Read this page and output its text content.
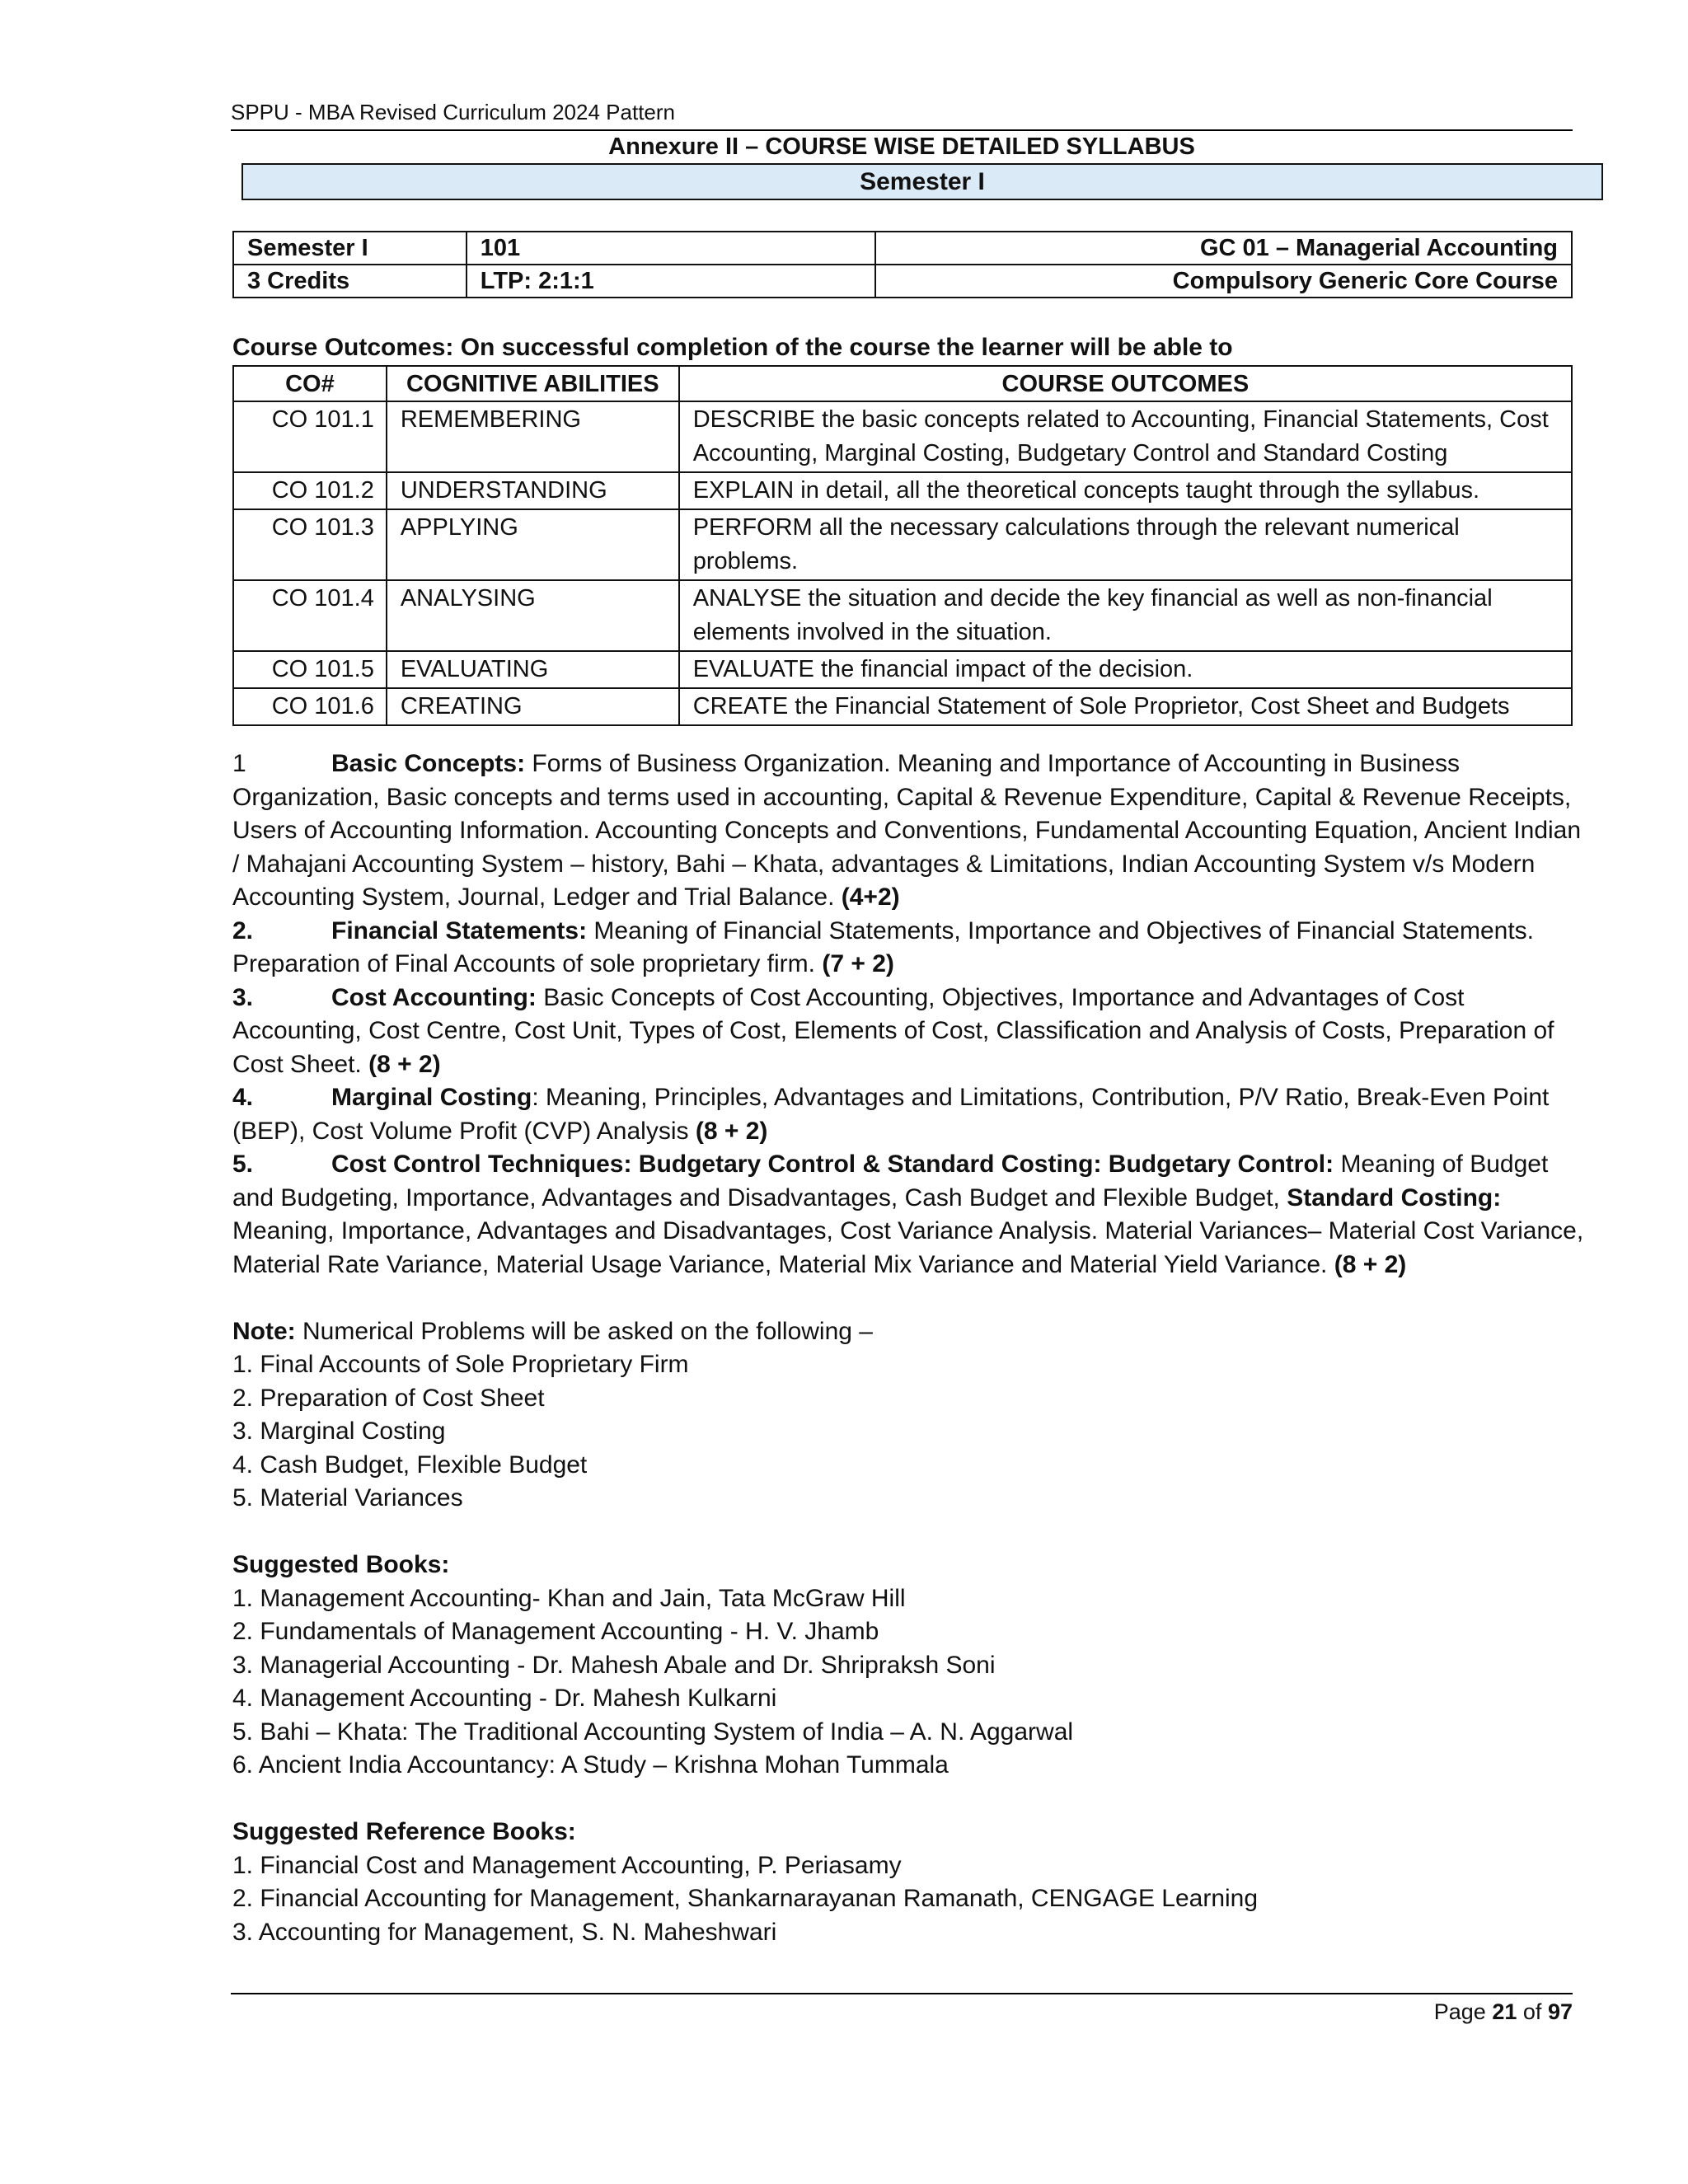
SPPU - MBA Revised Curriculum 2024 Pattern
Annexure II – COURSE WISE DETAILED SYLLABUS
Semester I
Semester I	101	GC 01 – Managerial Accounting
3 Credits	LTP: 2:1:1	Compulsory Generic Core Course
Course Outcomes: On successful completion of the course the learner will be able to
CO#	COGNITIVE ABILITIES	COURSE OUTCOMES
CO 101.1	REMEMBERING	DESCRIBE the basic concepts related to Accounting, Financial Statements, Cost Accounting, Marginal Costing, Budgetary Control and Standard Costing
CO 101.2	UNDERSTANDING	EXPLAIN in detail, all the theoretical concepts taught through the syllabus.
CO 101.3	APPLYING	PERFORM all the necessary calculations through the relevant numerical problems.
CO 101.4	ANALYSING	ANALYSE the situation and decide the key financial as well as non-financial elements involved in the situation.
CO 101.5	EVALUATING	EVALUATE the financial impact of the decision.
CO 101.6	CREATING	CREATE the Financial Statement of Sole Proprietor, Cost Sheet and Budgets

1	Basic Concepts: Forms of Business Organization. Meaning and Importance of Accounting in Business Organization, Basic concepts and terms used in accounting, Capital & Revenue Expenditure, Capital & Revenue Receipts, Users of Accounting Information. Accounting Concepts and Conventions, Fundamental Accounting Equation, Ancient Indian / Mahajani Accounting System – history, Bahi – Khata, advantages & Limitations, Indian Accounting System v/s Modern Accounting System, Journal, Ledger and Trial Balance. (4+2)

2.	Financial Statements: Meaning of Financial Statements, Importance and Objectives of Financial Statements. Preparation of Final Accounts of sole proprietary firm. (7 + 2)

3.	Cost Accounting: Basic Concepts of Cost Accounting, Objectives, Importance and Advantages of Cost Accounting, Cost Centre, Cost Unit, Types of Cost, Elements of Cost, Classification and Analysis of Costs, Preparation of Cost Sheet. (8 + 2)

4.	Marginal Costing: Meaning, Principles, Advantages and Limitations, Contribution, P/V Ratio, Break-Even Point (BEP), Cost Volume Profit (CVP) Analysis (8 + 2)

5.	Cost Control Techniques: Budgetary Control & Standard Costing: Budgetary Control: Meaning of Budget and Budgeting, Importance, Advantages and Disadvantages, Cash Budget and Flexible Budget, Standard Costing: Meaning, Importance, Advantages and Disadvantages, Cost Variance Analysis. Material Variances– Material Cost Variance, Material Rate Variance, Material Usage Variance, Material Mix Variance and Material Yield Variance. (8 + 2)

Note: Numerical Problems will be asked on the following –

1. Final Accounts of Sole Proprietary Firm

2. Preparation of Cost Sheet

3. Marginal Costing

4. Cash Budget, Flexible Budget

5. Material Variances

Suggested Books:

1. Management Accounting- Khan and Jain, Tata McGraw Hill

2. Fundamentals of Management Accounting - H. V. Jhamb

3. Managerial Accounting - Dr. Mahesh Abale and Dr. Shripraksh Soni

4. Management Accounting - Dr. Mahesh Kulkarni

5. Bahi – Khata: The Traditional Accounting System of India – A. N. Aggarwal

6. Ancient India Accountancy: A Study – Krishna Mohan Tummala

Suggested Reference Books:

1. Financial Cost and Management Accounting, P. Periasamy

2. Financial Accounting for Management, Shankarnarayanan Ramanath, CENGAGE Learning

3. Accounting for Management, S. N. Maheshwari

Page 21 of 97
